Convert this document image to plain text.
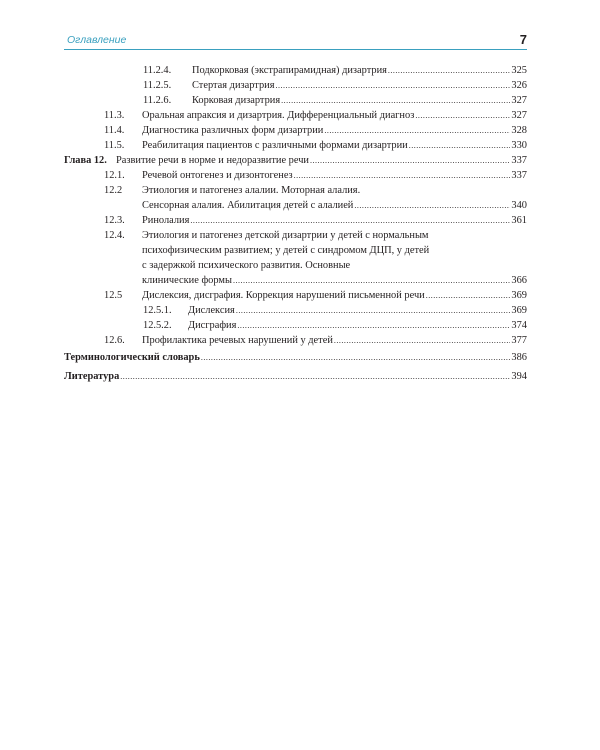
Оглавление	7
11.2.4. Подкорковая (экстрапирамидная) дизартрия .....	325
11.2.5. Стертая дизартрия .....	326
11.2.6. Корковая дизартрия .....	327
11.3. Оральная апраксия и дизартрия. Дифференциальный диагноз .....	327
11.4. Диагностика различных форм дизартрии .....	328
11.5. Реабилитация пациентов с различными формами дизартрии .....	330
Глава 12. Развитие речи в норме и недоразвитие речи .....	337
12.1. Речевой онтогенез и дизонтогенез .....	337
12.2 Этиология и патогенез алалии. Моторная алалия.
Сенсорная алалия. Абилитация детей с алалией .....	340
12.3. Ринолалия .....	361
12.4. Этиология и патогенез детской дизартрии у детей с нормальным
психофизическим развитием; у детей с синдромом ДЦП, у детей
с задержкой психического развития. Основные
клинические формы .....	366
12.5 Дислексия, дисграфия. Коррекция нарушений письменной речи .....	369
12.5.1. Дислексия .....	369
12.5.2. Дисграфия .....	374
12.6. Профилактика речевых нарушений у детей .....	377
Терминологический словарь .....	386
Литература .....	394
